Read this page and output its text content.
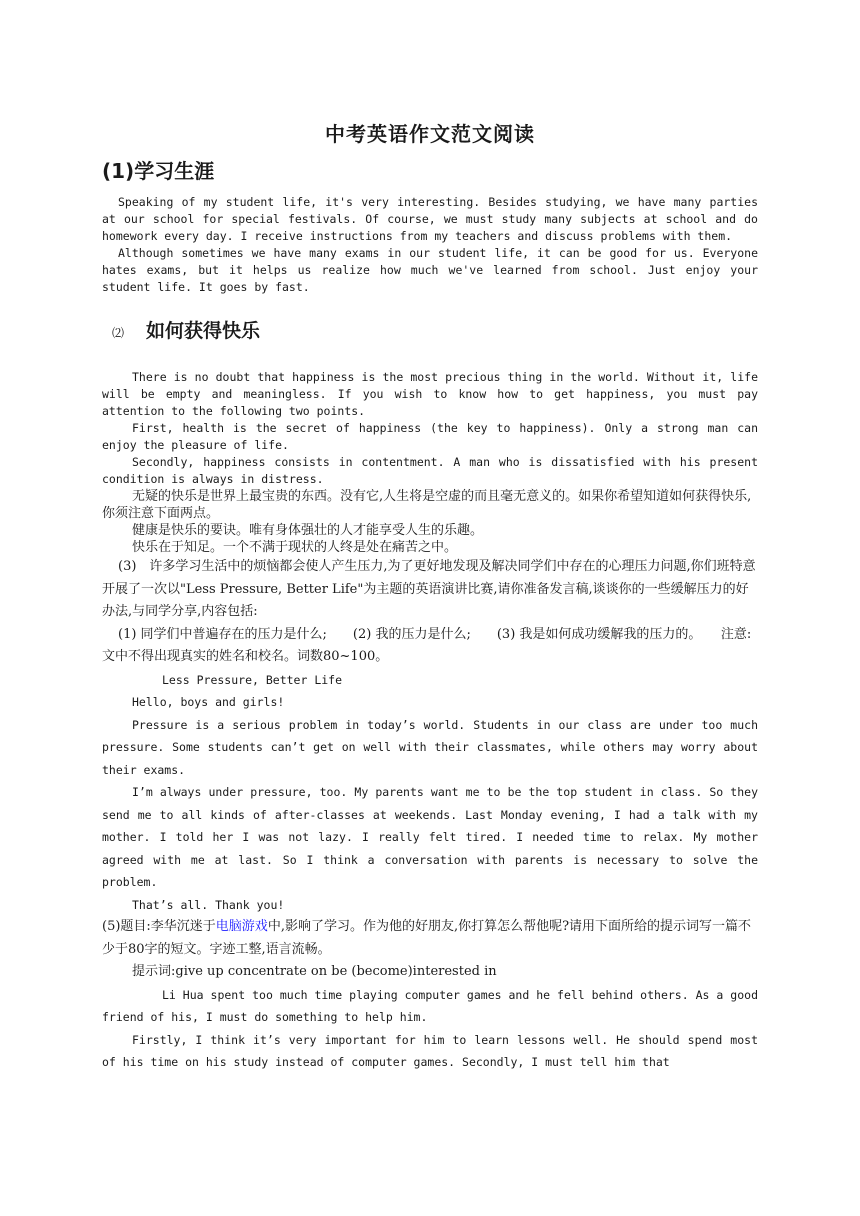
中考英语作文范文阅读
(1)学习生涯

Speaking of my student life, it's very interesting. Besides studying, we have many parties at our school for special festivals. Of course, we must study many subjects at school and do homework every day. I receive instructions from my teachers and discuss problems with them.

Although sometimes we have many exams in our student life, it can be good for us. Everyone hates exams, but it helps us realize how much we've learned from school. Just enjoy your student life. It goes by fast.

⑵ 如何获得快乐

There is no doubt that happiness is the most precious thing in the world. Without it, life will be empty and meaningless. If you wish to know how to get happiness, you must pay attention to the following two points.

First, health is the secret of happiness (the key to happiness). Only a strong man can enjoy the pleasure of life.

Secondly, happiness consists in contentment. A man who is dissatisfied with his present condition is always in distress.

无疑的快乐是世界上最宝贵的东西。没有它,人生将是空虚的而且毫无意义的。如果你希望知道如何获得快乐,你须注意下面两点。

健康是快乐的要诀。唯有身体强壮的人才能享受人生的乐趣。

快乐在于知足。一个不满于现状的人终是处在痛苦之中。

(3)　许多学习生活中的烦恼都会使人产生压力,为了更好地发现及解决同学们中存在的心理压力问题,你们班特意开展了一次以"Less Pressure, Better Life"为主题的英语演讲比赛,请你准备发言稿,谈谈你的一些缓解压力的好办法,与同学分享,内容包括:

(1) 同学们中普遍存在的压力是什么;　　(2) 我的压力是什么;　　(3) 我是如何成功缓解我的压力的。　　注意:文中不得出现真实的姓名和校名。词数80~100。

Less Pressure, Better Life

Hello, boys and girls!

Pressure is a serious problem in today’s world. Students in our class are under too much pressure. Some students can’t get on well with their classmates, while others may worry about their exams.

I’m always under pressure, too. My parents want me to be the top student in class. So they send me to all kinds of after-classes at weekends. Last Monday evening, I had a talk with my mother. I told her I was not lazy. I really felt tired. I needed time to relax. My mother agreed with me at last. So I think a conversation with parents is necessary to solve the problem.

That’s all. Thank you!

(5)题目:李华沉迷于电脑游戏中,影响了学习。作为他的好朋友,你打算怎么帮他呢?请用下面所给的提示词写一篇不少于80字的短文。字迹工整,语言流畅。

提示词:give up concentrate on be (become)interested in

Li Hua spent too much time playing computer games and he fell behind others. As a good friend of his, I must do something to help him.

Firstly, I think it’s very important for him to learn lessons well. He should spend most of his time on his study instead of computer games. Secondly, I must tell him that
